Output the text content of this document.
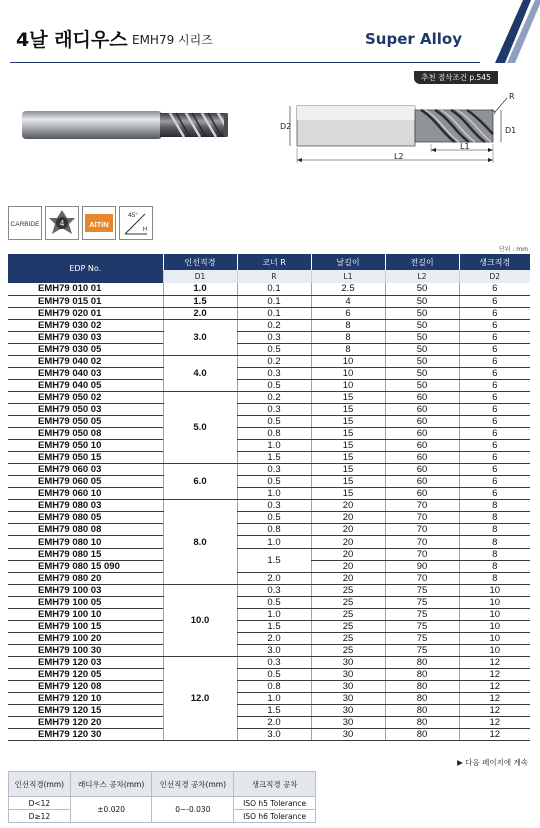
4날 래디우스 EMH79 시리즈	Super Alloy
추천 절삭조건 p.545
R
D2	D1
L1
L2
CARBIDE	4	AlTiN
45°
H
단위 : mm
EDP No.	인선직경	코너 R	날길이	전길이	생크직경
	D1	R	L1	L2	D2
EMH79 010 01	1.0	0.1	2.5	50	6
EMH79 015 01	1.5	0.1	4	50	6
EMH79 020 01	2.0	0.1	6	50	6
EMH79 030 02	3.0	0.2	8	50	6
EMH79 030 03		0.3	8	50	6
EMH79 030 05		0.5	8	50	6
EMH79 040 02	4.0	0.2	10	50	6
EMH79 040 03		0.3	10	50	6
EMH79 040 05		0.5	10	50	6
EMH79 050 02	5.0	0.2	15	60	6
EMH79 050 03		0.3	15	60	6
EMH79 050 05		0.5	15	60	6
EMH79 050 08		0.8	15	60	6
EMH79 050 10		1.0	15	60	6
EMH79 050 15		1.5	15	60	6
EMH79 060 03	6.0	0.3	15	60	6
EMH79 060 05		0.5	15	60	6
EMH79 060 10		1.0	15	60	6
EMH79 080 03	8.0	0.3	20	70	8
EMH79 080 05		0.5	20	70	8
EMH79 080 08		0.8	20	70	8
EMH79 080 10		1.0	20	70	8
EMH79 080 15		1.5	20	70	8
EMH79 080 15 090			20	90	8
EMH79 080 20		2.0	20	70	8
EMH79 100 03	10.0	0.3	25	75	10
EMH79 100 05		0.5	25	75	10
EMH79 100 10		1.0	25	75	10
EMH79 100 15		1.5	25	75	10
EMH79 100 20		2.0	25	75	10
EMH79 100 30		3.0	25	75	10
EMH79 120 03	12.0	0.3	30	80	12
EMH79 120 05		0.5	30	80	12
EMH79 120 08		0.8	30	80	12
EMH79 120 10		1.0	30	80	12
EMH79 120 15		1.5	30	80	12
EMH79 120 20		2.0	30	80	12
EMH79 120 30		3.0	30	80	12
▶ 다음 페이지에 계속
인선직경(mm)	래디우스 공차(mm)	인선직경 공차(mm)	생크직경 공차
D<12	±0.020	0~-0.030	ISO h5 Tolerance
D≥12			ISO h6 Tolerance
